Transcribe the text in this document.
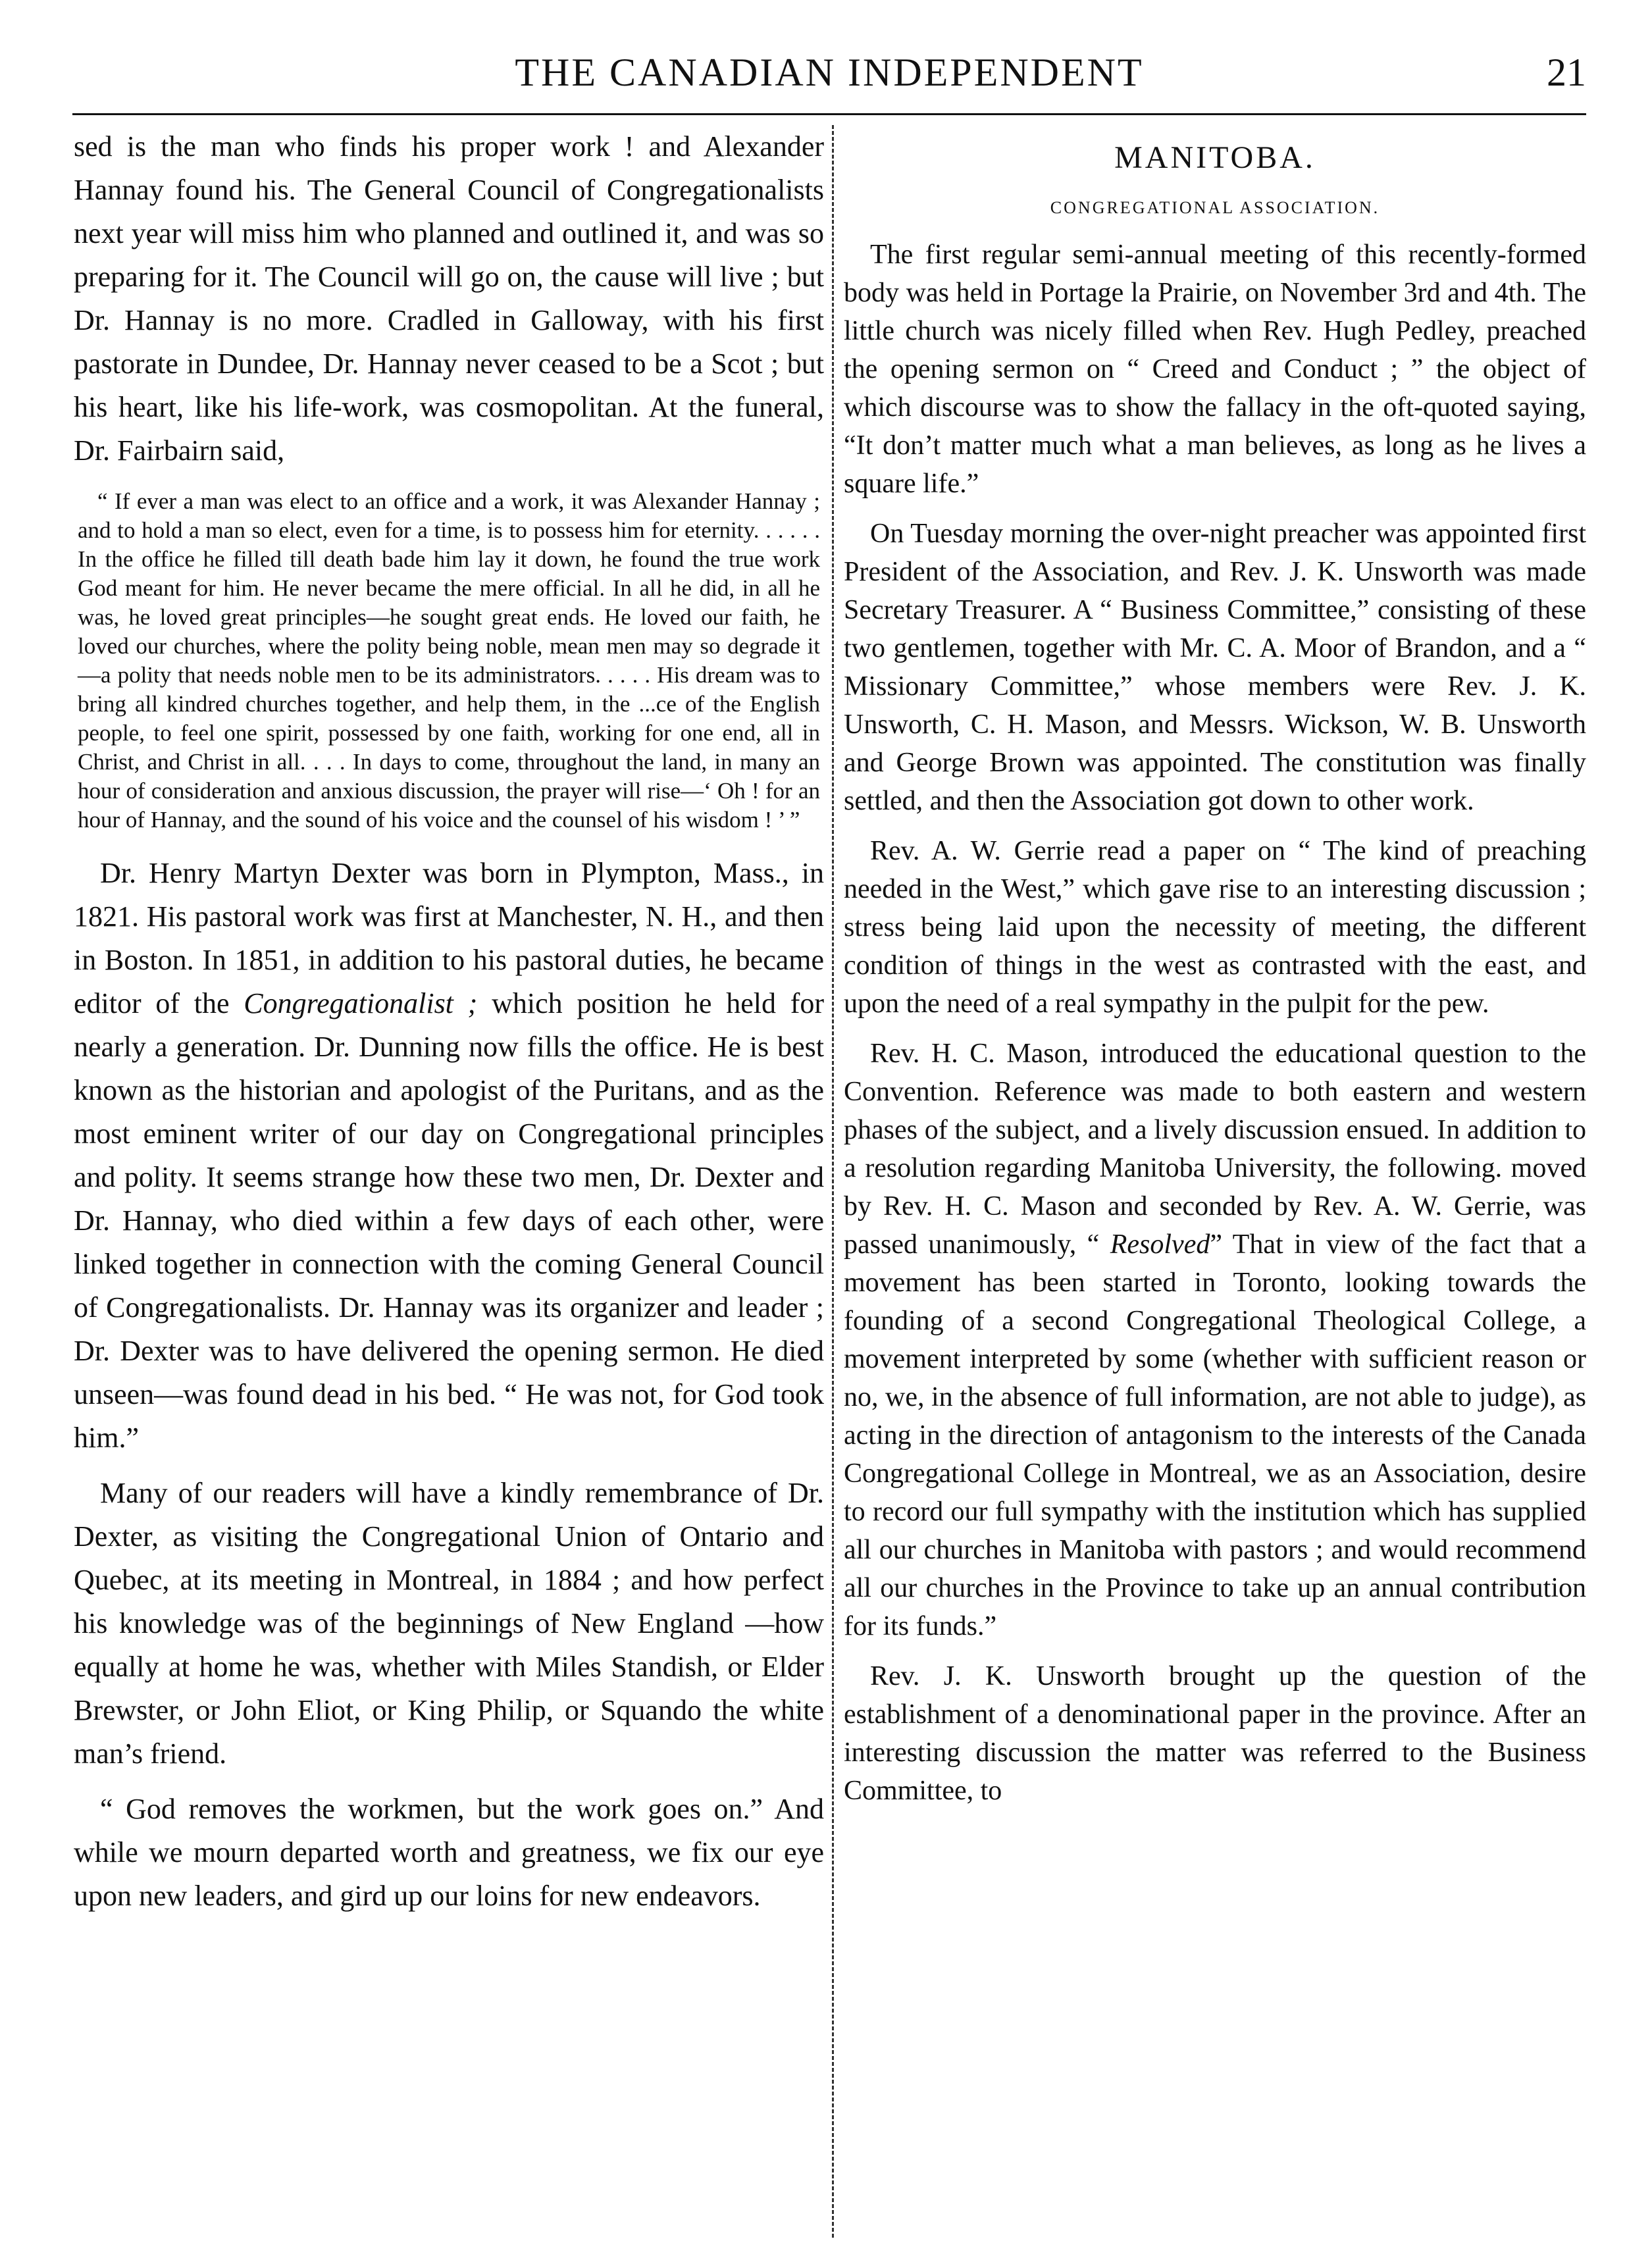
THE CANADIAN INDEPENDENT	21

sed is the man who finds his proper work ! and Alexander Hannay found his. The General Council of Congregationalists next year will miss him who planned and outlined it, and was so preparing for it. The Council will go on, the cause will live ; but Dr. Hannay is no more. Cradled in Galloway, with his first pastorate in Dundee, Dr. Hannay never ceased to be a Scot ; but his heart, like his life-work, was cosmopolitan. At the funeral, Dr. Fairbairn said,

“ If ever a man was elect to an office and a work, it was Alexander Hannay ; and to hold a man so elect, even for a time, is to possess him for eternity. . . . . . In the office he filled till death bade him lay it down, he found the true work God meant for him. He never became the mere official. In all he did, in all he was, he loved great principles—he sought great ends. He loved our faith, he loved our churches, where the polity being noble, mean men may so degrade it—a polity that needs noble men to be its administrators. . . . . His dream was to bring all kindred churches together, and help them, in the ...ce of the English people, to feel one spirit, possessed by one faith, working for one end, all in Christ, and Christ in all. . . . In days to come, throughout the land, in many an hour of consideration and anxious discussion, the prayer will rise—‘ Oh ! for an hour of Hannay, and the sound of his voice and the counsel of his wisdom ! ’ ”

Dr. Henry Martyn Dexter was born in Plympton, Mass., in 1821. His pastoral work was first at Manchester, N. H., and then in Boston. In 1851, in addition to his pastoral duties, he became editor of the Congregationalist ; which position he held for nearly a generation. Dr. Dunning now fills the office. He is best known as the historian and apologist of the Puritans, and as the most eminent writer of our day on Congregational principles and polity. It seems strange how these two men, Dr. Dexter and Dr. Hannay, who died within a few days of each other, were linked together in connection with the coming General Council of Congregationalists. Dr. Hannay was its organizer and leader ; Dr. Dexter was to have delivered the opening sermon. He died unseen—was found dead in his bed. “ He was not, for God took him.”

Many of our readers will have a kindly remembrance of Dr. Dexter, as visiting the Congregational Union of Ontario and Quebec, at its meeting in Montreal, in 1884 ; and how perfect his knowledge was of the beginnings of New England —how equally at home he was, whether with Miles Standish, or Elder Brewster, or John Eliot, or King Philip, or Squando the white man’s friend.

“ God removes the workmen, but the work goes on.” And while we mourn departed worth and greatness, we fix our eye upon new leaders, and gird up our loins for new endeavors.

MANITOBA.
CONGREGATIONAL ASSOCIATION.

The first regular semi-annual meeting of this recently-formed body was held in Portage la Prairie, on November 3rd and 4th. The little church was nicely filled when Rev. Hugh Pedley, preached the opening sermon on “ Creed and Conduct ; ” the object of which discourse was to show the fallacy in the oft-quoted saying, “It don’t matter much what a man believes, as long as he lives a square life.”

On Tuesday morning the over-night preacher was appointed first President of the Association, and Rev. J. K. Unsworth was made Secretary Treasurer. A “ Business Committee,” consisting of these two gentlemen, together with Mr. C. A. Moor of Brandon, and a “ Missionary Committee,” whose members were Rev. J. K. Unsworth, C. H. Mason, and Messrs. Wickson, W. B. Unsworth and George Brown was appointed. The constitution was finally settled, and then the Association got down to other work.

Rev. A. W. Gerrie read a paper on “ The kind of preaching needed in the West,” which gave rise to an interesting discussion ; stress being laid upon the necessity of meeting, the different condition of things in the west as contrasted with the east, and upon the need of a real sympathy in the pulpit for the pew.

Rev. H. C. Mason, introduced the educational question to the Convention. Reference was made to both eastern and western phases of the subject, and a lively discussion ensued. In addition to a resolution regarding Manitoba University, the following. moved by Rev. H. C. Mason and seconded by Rev. A. W. Gerrie, was passed unanimously, “ Resolved” That in view of the fact that a movement has been started in Toronto, looking towards the founding of a second Congregational Theological College, a movement interpreted by some (whether with sufficient reason or no, we, in the absence of full information, are not able to judge), as acting in the direction of antagonism to the interests of the Canada Congregational College in Montreal, we as an Association, desire to record our full sympathy with the institution which has supplied all our churches in Manitoba with pastors ; and would recommend all our churches in the Province to take up an annual contribution for its funds.”

Rev. J. K. Unsworth brought up the question of the establishment of a denominational paper in the province. After an interesting discussion the matter was referred to the Business Committee, to
